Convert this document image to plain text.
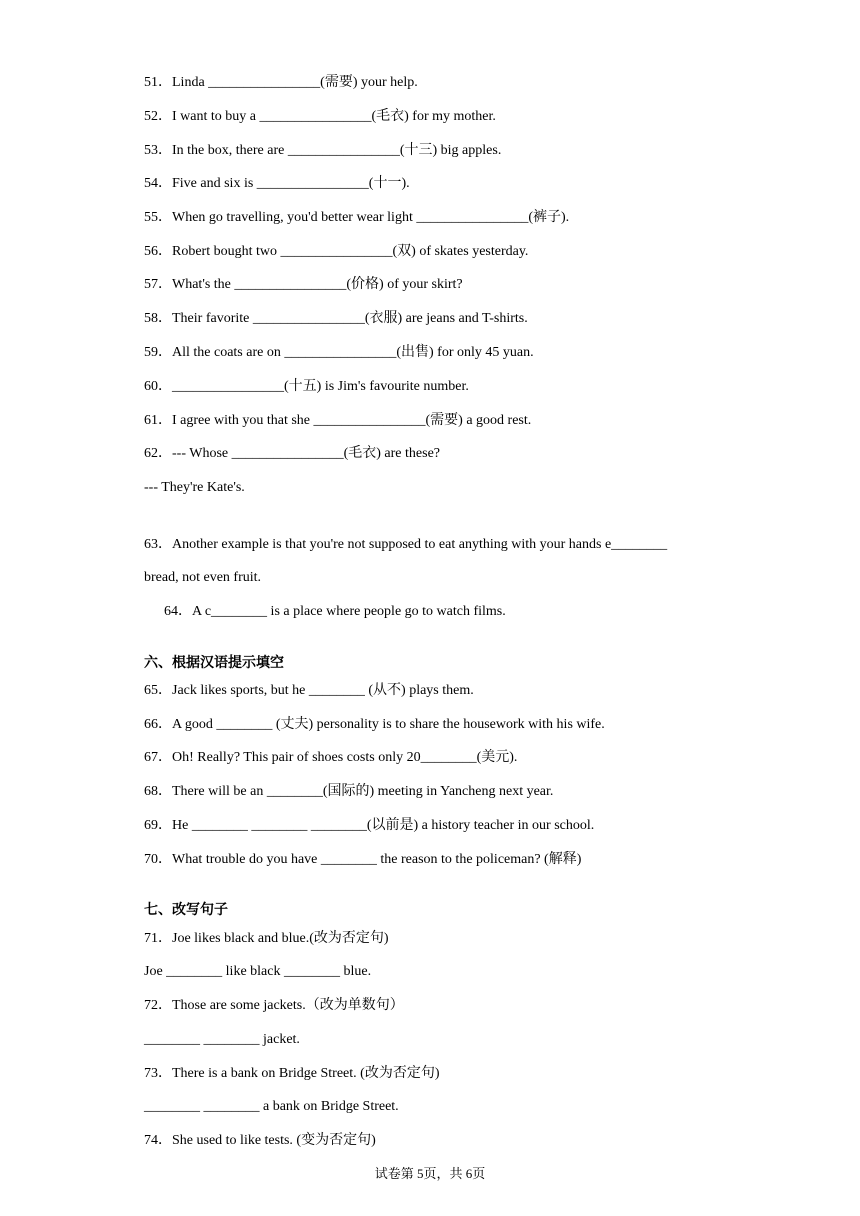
51．Linda ________________(需要) your help.
52．I want to buy a ________________(毛衣) for my mother.
53．In the box, there are ________________(十三) big apples.
54．Five and six is ________________(十一).
55．When go travelling, you'd better wear light ________________(裤子).
56．Robert bought two ________________(双) of skates yesterday.
57．What's the ________________(价格) of your skirt?
58．Their favorite ________________(衣服) are jeans and T-shirts.
59．All the coats are on ________________(出售) for only 45 yuan.
60．________________(十五) is Jim's favourite number.
61．I agree with you that she ________________(需要) a good rest.
62．--- Whose ________________(毛衣) are these?
--- They're Kate's.
63．Another example is that you're not supposed to eat anything with your hands e________
bread, not even fruit.
64．A c________ is a place where people go to watch films.
六、根据汉语提示填空
65．Jack likes sports, but he ________ (从不) plays them.
66．A good ________ (丈夫) personality is to share the housework with his wife.
67．Oh! Really? This pair of shoes costs only 20________(美元).
68．There will be an ________(国际的) meeting in Yancheng next year.
69．He ________ ________ ________(以前是) a history teacher in our school.
70．What trouble do you have ________ the reason to the policeman? (解释)
七、改写句子
71．Joe likes black and blue.(改为否定句)
Joe ________ like black ________ blue.
72．Those are some jackets.（改为单数句）
________ ________ jacket.
73．There is a bank on Bridge Street. (改为否定句)
________ ________ a bank on Bridge Street.
74．She used to like tests. (变为否定句)
试卷第 5页，共 6页
